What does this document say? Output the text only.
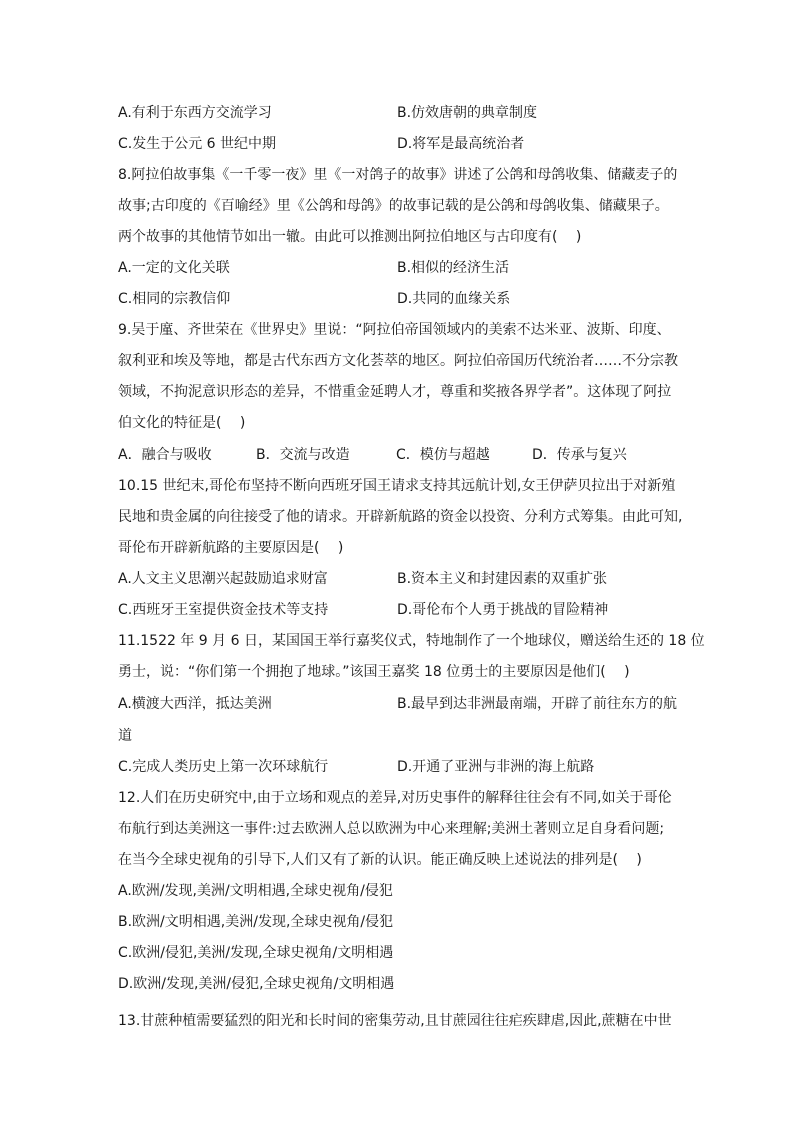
A.有利于东西方交流学习	B.仿效唐朝的典章制度
C.发生于公元 6 世纪中期	D.将军是最高统治者
8.阿拉伯故事集《一千零一夜》里《一对鸽子的故事》讲述了公鸽和母鸽收集、储藏麦子的
故事;古印度的《百喻经》里《公鸽和母鸽》的故事记载的是公鸽和母鸽收集、储藏果子。
两个故事的其他情节如出一辙。由此可以推测出阿拉伯地区与古印度有(　 )
A.一定的文化关联	B.相似的经济生活
C.相同的宗教信仰	D.共同的血缘关系
9.吴于廑、齐世荣在《世界史》里说：“阿拉伯帝国领域内的美索不达米亚、波斯、印度、
叙利亚和埃及等地，都是古代东西方文化荟萃的地区。阿拉伯帝国历代统治者……不分宗教
领域，不拘泥意识形态的差异，不惜重金延聘人才，尊重和奖掖各界学者”。这体现了阿拉
伯文化的特征是(　 )
A．融合与吸收	B．交流与改造	C．模仿与超越	D．传承与复兴
10.15 世纪末,哥伦布坚持不断向西班牙国王请求支持其远航计划,女王伊萨贝拉出于对新殖
民地和贵金属的向往接受了他的请求。开辟新航路的资金以投资、分利方式筹集。由此可知,
哥伦布开辟新航路的主要原因是(　 )
A.人文主义思潮兴起鼓励追求财富	B.资本主义和封建因素的双重扩张
C.西班牙王室提供资金技术等支持	D.哥伦布个人勇于挑战的冒险精神
11.1522 年 9 月 6 日，某国国王举行嘉奖仪式，特地制作了一个地球仪，赠送给生还的 18 位
勇士，说：“你们第一个拥抱了地球。”该国王嘉奖 18 位勇士的主要原因是他们(　 )
A.横渡大西洋，抵达美洲	B.最早到达非洲最南端，开辟了前往东方的航
道
C.完成人类历史上第一次环球航行	D.开通了亚洲与非洲的海上航路
12.人们在历史研究中,由于立场和观点的差异,对历史事件的解释往往会有不同,如关于哥伦
布航行到达美洲这一事件:过去欧洲人总以欧洲为中心来理解;美洲土著则立足自身看问题;
在当今全球史视角的引导下,人们又有了新的认识。能正确反映上述说法的排列是(　 )
A.欧洲/发现,美洲/文明相遇,全球史视角/侵犯
B.欧洲/文明相遇,美洲/发现,全球史视角/侵犯
C.欧洲/侵犯,美洲/发现,全球史视角/文明相遇
D.欧洲/发现,美洲/侵犯,全球史视角/文明相遇
13.甘蔗种植需要猛烈的阳光和长时间的密集劳动,且甘蔗园往往疟疾肆虐,因此,蔗糖在中世
